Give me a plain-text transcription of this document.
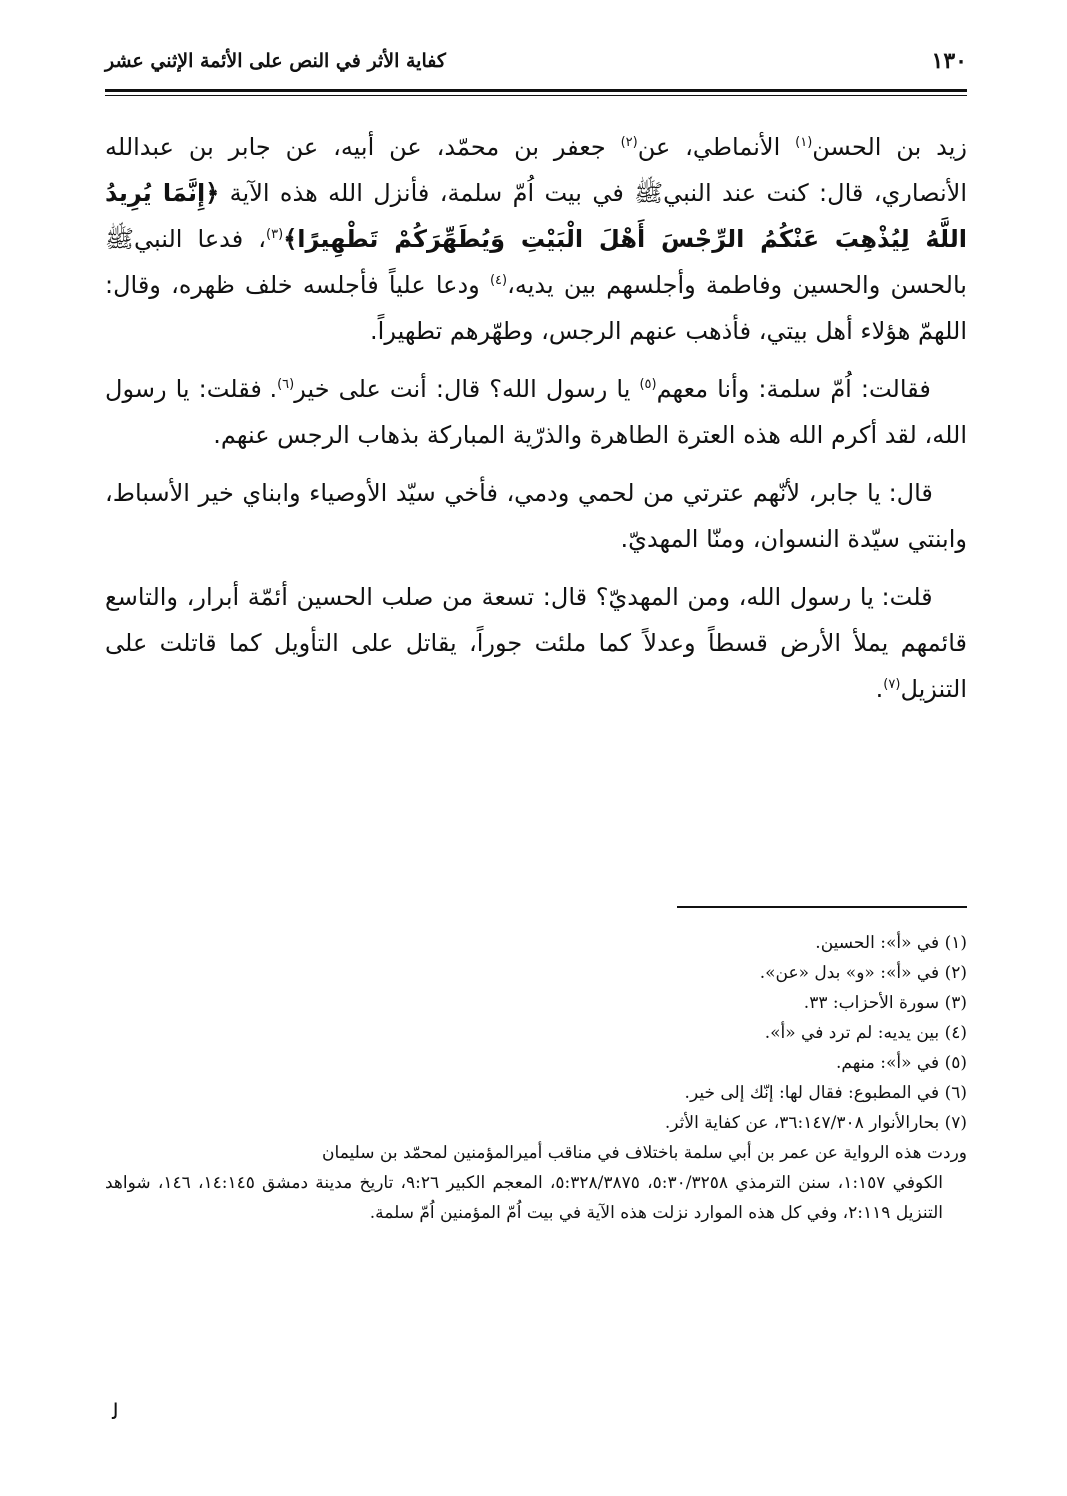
١٣٠
كفاية الأثر في النص على الأئمة الإثني عشر

زيد بن الحسن$^{(١)}$ الأنماطي، عن$^{(٢)}$ جعفر بن محمّد، عن أبيه، عن جابر بن عبدالله الأنصاري، قال: كنت عند النبيﷺ في بيت اُمّ سلمة، فأنزل الله هذه الآية ﴿إِنَّمَا يُرِيدُ اللَّهُ لِيُذْهِبَ عَنْكُمُ الرِّجْسَ أَهْلَ الْبَيْتِ وَيُطَهِّرَكُمْ تَطْهِيرًا﴾$^{(٣)}$، فدعا النبيﷺ بالحسن والحسين وفاطمة وأجلسهم بين يديه،$^{(٤)}$ ودعا علياً فأجلسه خلف ظهره، وقال: اللهمّ هؤلاء أهل بيتي، فأذهب عنهم الرجس، وطهّرهم تطهيراً.

فقالت: اُمّ سلمة: وأنا معهم$^{(٥)}$ يا رسول الله؟ قال: أنت على خير$^{(٦)}$. فقلت: يا رسول الله، لقد أكرم الله هذه العترة الطاهرة والذرّية المباركة بذهاب الرجس عنهم.

قال: يا جابر، لأنّهم عترتي من لحمي ودمي، فأخي سيّد الأوصياء وابناي خير الأسباط، وابنتي سيّدة النسوان، ومنّا المهديّ.

قلت: يا رسول الله، ومن المهديّ؟ قال: تسعة من صلب الحسين أئمّة أبرار، والتاسع قائمهم يملأ الأرض قسطاً وعدلاً كما ملئت جوراً، يقاتل على التأويل كما قاتلت على التنزيل$^{(٧)}$.

(١) في «أ»: الحسين.

(٢) في «أ»: «و» بدل «عن».

(٣) سورة الأحزاب: ٣٣.

(٤) بين يديه: لم ترد في «أ».

(٥) في «أ»: منهم.

(٦) في المطبوع: فقال لها: إنّك إلى خير.

(٧) بحارالأنوار ٣٦:١٤٧/٣٠٨، عن كفاية الأثر.

وردت هذه الرواية عن عمر بن أبي سلمة باختلاف في مناقب أميرالمؤمنين لمحمّد بن سليمان
الكوفي ١:١٥٧، سنن الترمذي ٥:٣٠/٣٢٥٨، ٥:٣٢٨/٣٨٧٥، المعجم الكبير ٩:٢٦، تاريخ مدينة دمشق ١٤:١٤٥، ١٤٦، شواهد التنزيل ٢:١١٩، وفي كل هذه الموارد نزلت هذه الآية في بيت اُمّ المؤمنين اُمّ سلمة.

ﻟ
